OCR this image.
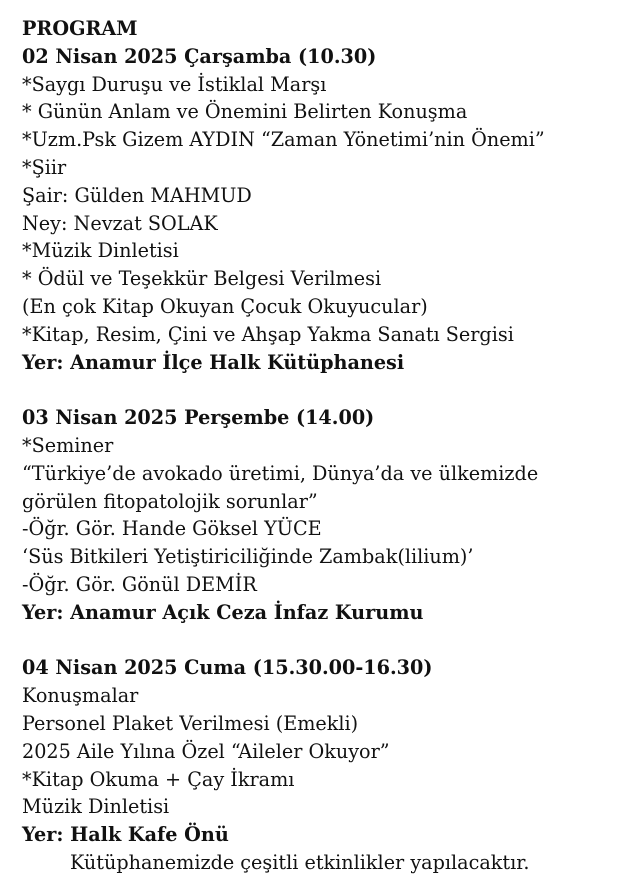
PROGRAM
02 Nisan 2025 Çarşamba (10.30)
*Saygı Duruşu ve İstiklal Marşı
* Günün Anlam ve Önemini Belirten Konuşma
*Uzm.Psk Gizem AYDIN “Zaman Yönetimi’nin Önemi”
*Şiir
Şair: Gülden MAHMUD
Ney: Nevzat SOLAK
*Müzik Dinletisi
* Ödül ve Teşekkür Belgesi Verilmesi
(En çok Kitap Okuyan Çocuk Okuyucular)
*Kitap, Resim, Çini ve Ahşap Yakma Sanatı Sergisi
Yer: Anamur İlçe Halk Kütüphanesi
03 Nisan 2025 Perşembe (14.00)
*Seminer
“Türkiye’de avokado üretimi, Dünya’da ve ülkemizde
görülen fitopatolojik sorunlar”
-Öğr. Gör. Hande Göksel YÜCE
‘Süs Bitkileri Yetiştiriciliğinde Zambak(lilium)’
-Öğr. Gör. Gönül DEMİR
Yer: Anamur Açık Ceza İnfaz Kurumu
04 Nisan 2025 Cuma (15.30.00-16.30)
Konuşmalar
Personel Plaket Verilmesi (Emekli)
2025 Aile Yılına Özel “Aileler Okuyor”
*Kitap Okuma + Çay İkramı
Müzik Dinletisi
Yer: Halk Kafe Önü
Kütüphanemizde çeşitli etkinlikler yapılacaktır.
